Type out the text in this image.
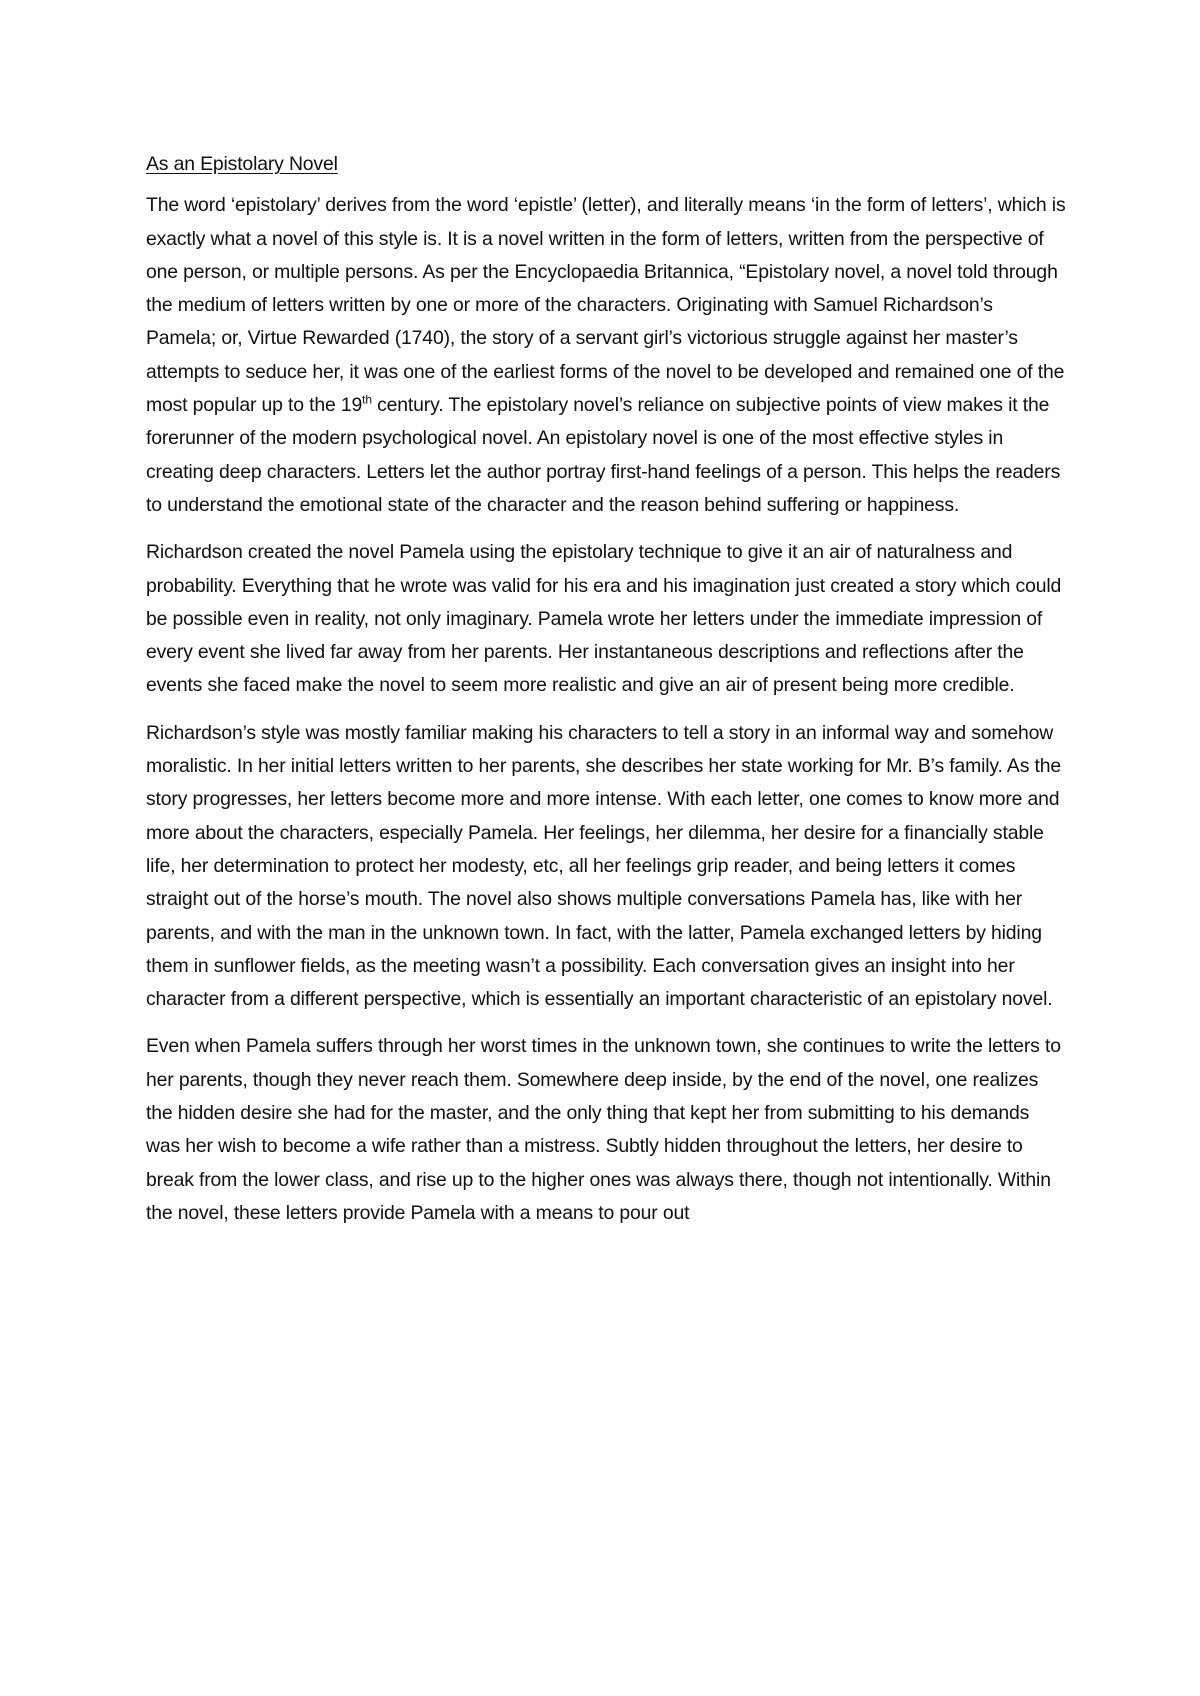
As an Epistolary Novel

The word ‘epistolary’ derives from the word ‘epistle’ (letter), and literally means ‘in the form of letters’, which is exactly what a novel of this style is. It is a novel written in the form of letters, written from the perspective of one person, or multiple persons. As per the Encyclopaedia Britannica, “Epistolary novel, a novel told through the medium of letters written by one or more of the characters. Originating with Samuel Richardson’s Pamela; or, Virtue Rewarded (1740), the story of a servant girl’s victorious struggle against her master’s attempts to seduce her, it was one of the earliest forms of the novel to be developed and remained one of the most popular up to the 19th century. The epistolary novel’s reliance on subjective points of view makes it the forerunner of the modern psychological novel. An epistolary novel is one of the most effective styles in creating deep characters. Letters let the author portray first-hand feelings of a person. This helps the readers to understand the emotional state of the character and the reason behind suffering or happiness.

Richardson created the novel Pamela using the epistolary technique to give it an air of naturalness and probability. Everything that he wrote was valid for his era and his imagination just created a story which could be possible even in reality, not only imaginary. Pamela wrote her letters under the immediate impression of every event she lived far away from her parents. Her instantaneous descriptions and reflections after the events she faced make the novel to seem more realistic and give an air of present being more credible.

Richardson’s style was mostly familiar making his characters to tell a story in an informal way and somehow moralistic. In her initial letters written to her parents, she describes her state working for Mr. B’s family. As the story progresses, her letters become more and more intense. With each letter, one comes to know more and more about the characters, especially Pamela. Her feelings, her dilemma, her desire for a financially stable life, her determination to protect her modesty, etc, all her feelings grip reader, and being letters it comes straight out of the horse’s mouth. The novel also shows multiple conversations Pamela has, like with her parents, and with the man in the unknown town. In fact, with the latter, Pamela exchanged letters by hiding them in sunflower fields, as the meeting wasn’t a possibility. Each conversation gives an insight into her character from a different perspective, which is essentially an important characteristic of an epistolary novel.

Even when Pamela suffers through her worst times in the unknown town, she continues to write the letters to her parents, though they never reach them. Somewhere deep inside, by the end of the novel, one realizes the hidden desire she had for the master, and the only thing that kept her from submitting to his demands was her wish to become a wife rather than a mistress. Subtly hidden throughout the letters, her desire to break from the lower class, and rise up to the higher ones was always there, though not intentionally. Within the novel, these letters provide Pamela with a means to pour out
